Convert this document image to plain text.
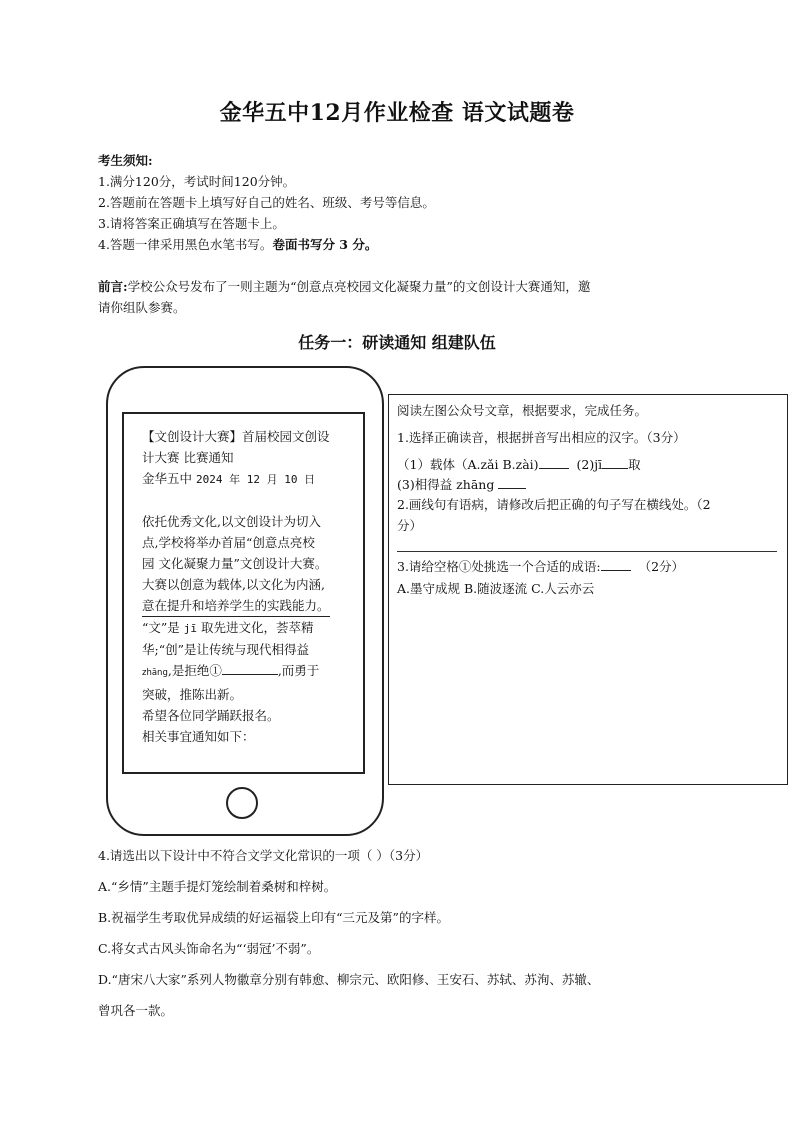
金华五中12月作业检查 语文试题卷
考生须知:
1.满分120分，考试时间120分钟。
2.答题前在答题卡上填写好自己的姓名、班级、考号等信息。
3.请将答案正确填写在答题卡上。
4.答题一律采用黑色水笔书写。卷面书写分 3 分。
前言:学校公众号发布了一则主题为“创意点亮校园文化凝聚力量”的文创设计大赛通知，邀
请你组队参赛。
任务一：研读通知 组建队伍
【文创设计大赛】首届校园文创设
计大赛 比赛通知
金华五中 2024 年 12 月 10 日
依托优秀文化,以文创设计为切入
点,学校将举办首届“创意点亮校
园 文化凝聚力量”文创设计大赛。
大赛以创意为载体,以文化为内涵,
意在提升和培养学生的实践能力。
“文”是 jī 取先进文化，荟萃精
华;“创”是让传统与现代相得益
zhāng,是拒绝①	,而勇于
突破，推陈出新。
希望各位同学踊跃报名。
相关事宜通知如下：
阅读左图公众号文章，根据要求，完成任务。
1.选择正确读音，根据拼音写出相应的汉字。（3分）
（1）载体（A.zǎi B.zài)	(2)jī 取
(3)相得益 zhāng
2.画线句有语病，请修改后把正确的句子写在横线处。（2
分）
3.请给空格①处挑选一个合适的成语:	（2分）
A.墨守成规 B.随波逐流 C.人云亦云
4.请选出以下设计中不符合文学文化常识的一项（ ）（3分）
A.“乡情”主题手提灯笼绘制着桑树和梓树。
B.祝福学生考取优异成绩的好运福袋上印有“三元及第”的字样。
C.将女式古风头饰命名为“‘弱冠’不弱”。
D.“唐宋八大家”系列人物徽章分别有韩愈、柳宗元、欧阳修、王安石、苏轼、苏洵、苏辙、
曾巩各一款。
